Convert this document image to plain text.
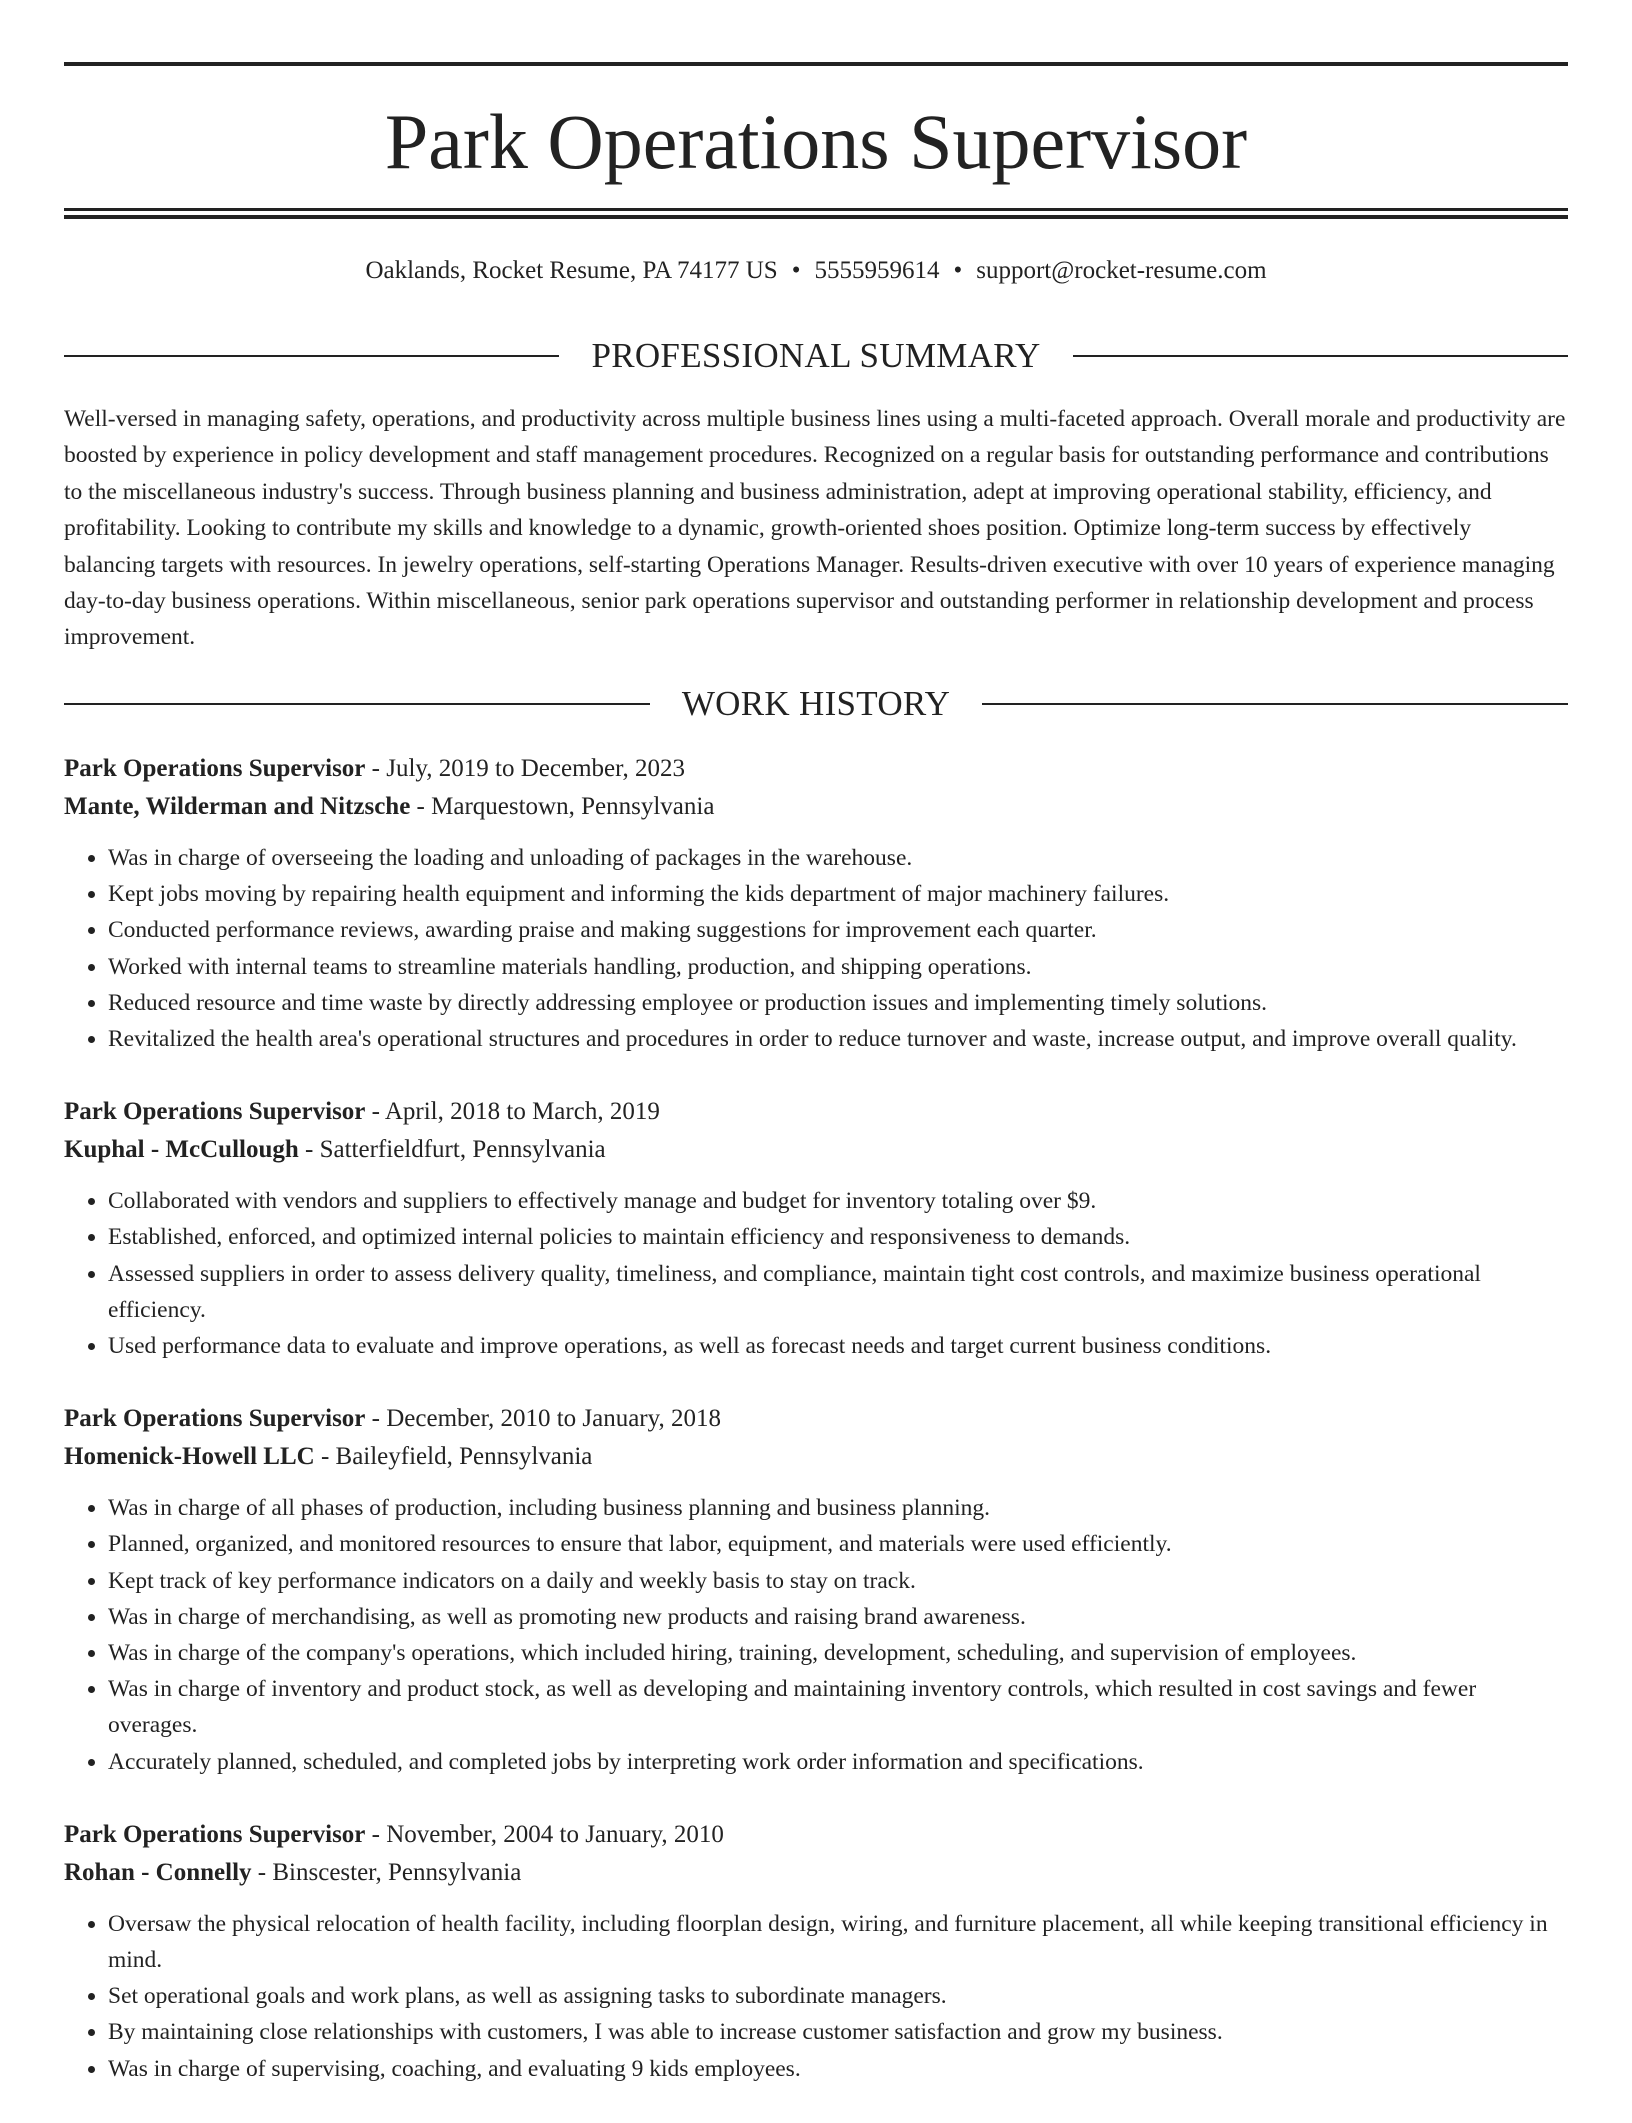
Park Operations Supervisor
Oaklands, Rocket Resume, PA 74177 US • 5555959614 • support@rocket-resume.com
PROFESSIONAL SUMMARY

Well-versed in managing safety, operations, and productivity across multiple business lines using a multi-faceted approach. Overall morale and productivity are boosted by experience in policy development and staff management procedures. Recognized on a regular basis for outstanding performance and contributions to the miscellaneous industry's success. Through business planning and business administration, adept at improving operational stability, efficiency, and profitability. Looking to contribute my skills and knowledge to a dynamic, growth-oriented shoes position. Optimize long-term success by effectively balancing targets with resources. In jewelry operations, self-starting Operations Manager. Results-driven executive with over 10 years of experience managing day-to-day business operations. Within miscellaneous, senior park operations supervisor and outstanding performer in relationship development and process improvement.

WORK HISTORY
Park Operations Supervisor - July, 2019 to December, 2023
Mante, Wilderman and Nitzsche - Marquestown, Pennsylvania
• Was in charge of overseeing the loading and unloading of packages in the warehouse.
• Kept jobs moving by repairing health equipment and informing the kids department of major machinery failures.
• Conducted performance reviews, awarding praise and making suggestions for improvement each quarter.
• Worked with internal teams to streamline materials handling, production, and shipping operations.
• Reduced resource and time waste by directly addressing employee or production issues and implementing timely solutions.
• Revitalized the health area's operational structures and procedures in order to reduce turnover and waste, increase output, and improve overall quality.
Park Operations Supervisor - April, 2018 to March, 2019
Kuphal - McCullough - Satterfieldfurt, Pennsylvania
• Collaborated with vendors and suppliers to effectively manage and budget for inventory totaling over $9.
• Established, enforced, and optimized internal policies to maintain efficiency and responsiveness to demands.
• Assessed suppliers in order to assess delivery quality, timeliness, and compliance, maintain tight cost controls, and maximize business operational efficiency.
• Used performance data to evaluate and improve operations, as well as forecast needs and target current business conditions.
Park Operations Supervisor - December, 2010 to January, 2018
Homenick-Howell LLC - Baileyfield, Pennsylvania
• Was in charge of all phases of production, including business planning and business planning.
• Planned, organized, and monitored resources to ensure that labor, equipment, and materials were used efficiently.
• Kept track of key performance indicators on a daily and weekly basis to stay on track.
• Was in charge of merchandising, as well as promoting new products and raising brand awareness.
• Was in charge of the company's operations, which included hiring, training, development, scheduling, and supervision of employees.
• Was in charge of inventory and product stock, as well as developing and maintaining inventory controls, which resulted in cost savings and fewer overages.
• Accurately planned, scheduled, and completed jobs by interpreting work order information and specifications.
Park Operations Supervisor - November, 2004 to January, 2010
Rohan - Connelly - Binscester, Pennsylvania
• Oversaw the physical relocation of health facility, including floorplan design, wiring, and furniture placement, all while keeping transitional efficiency in mind.
• Set operational goals and work plans, as well as assigning tasks to subordinate managers.
• By maintaining close relationships with customers, I was able to increase customer satisfaction and grow my business.
• Was in charge of supervising, coaching, and evaluating 9 kids employees.
